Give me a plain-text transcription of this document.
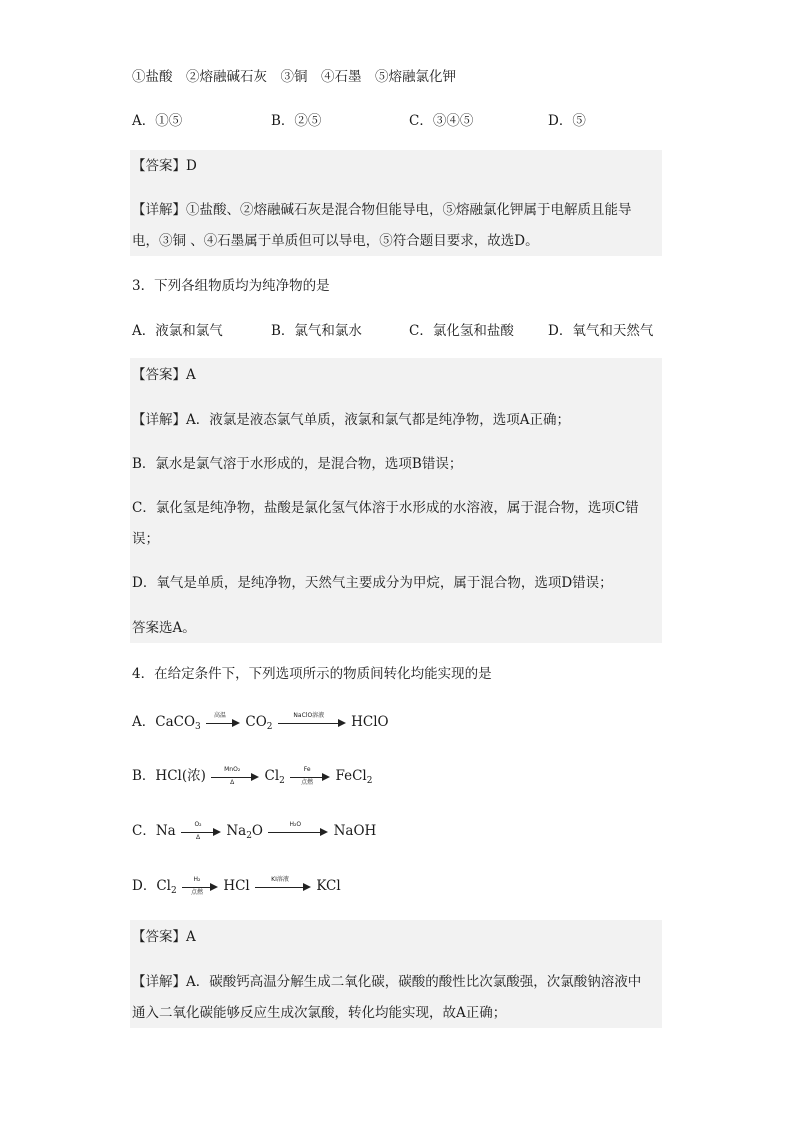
①盐酸　②熔融碱石灰　③铜　④石墨　⑤熔融氯化钾
A．①⑤	B．②⑤	C．③④⑤	D．⑤
【答案】D
【详解】①盐酸、②熔融碱石灰是混合物但能导电，⑤熔融氯化钾属于电解质且能导
电，③铜 、④石墨属于单质但可以导电，⑤符合题目要求，故选D。
3．下列各组物质均为纯净物的是
A．液氯和氯气	B．氯气和氯水	C．氯化氢和盐酸	D．氧气和天然气
【答案】A
【详解】A．液氯是液态氯气单质，液氯和氯气都是纯净物，选项A正确；
B．氯水是氯气溶于水形成的，是混合物，选项B错误；
C．氯化氢是纯净物，盐酸是氯化氢气体溶于水形成的水溶液，属于混合物，选项C错
误；
D．氧气是单质，是纯净物，天然气主要成分为甲烷，属于混合物，选项D错误；
答案选A。
4．在给定条件下，下列选项所示的物质间转化均能实现的是
A．CaCO$_3$
高温	$CO_2$
NaClO溶液	HClO
B．HCl(浓)	MnO₂
Δ	$Cl_2$
Fe
点燃	FeCl$_2$
C．Na $\frac{\text{O₂}}{\Delta} Na_2O$	H₂O	NaOH
D．$Cl_2$
H₂
点燃	HCl	KI溶液	KCl
【答案】A
【详解】A．碳酸钙高温分解生成二氧化碳，碳酸的酸性比次氯酸强，次氯酸钠溶液中
通入二氧化碳能够反应生成次氯酸，转化均能实现，故A正确；
